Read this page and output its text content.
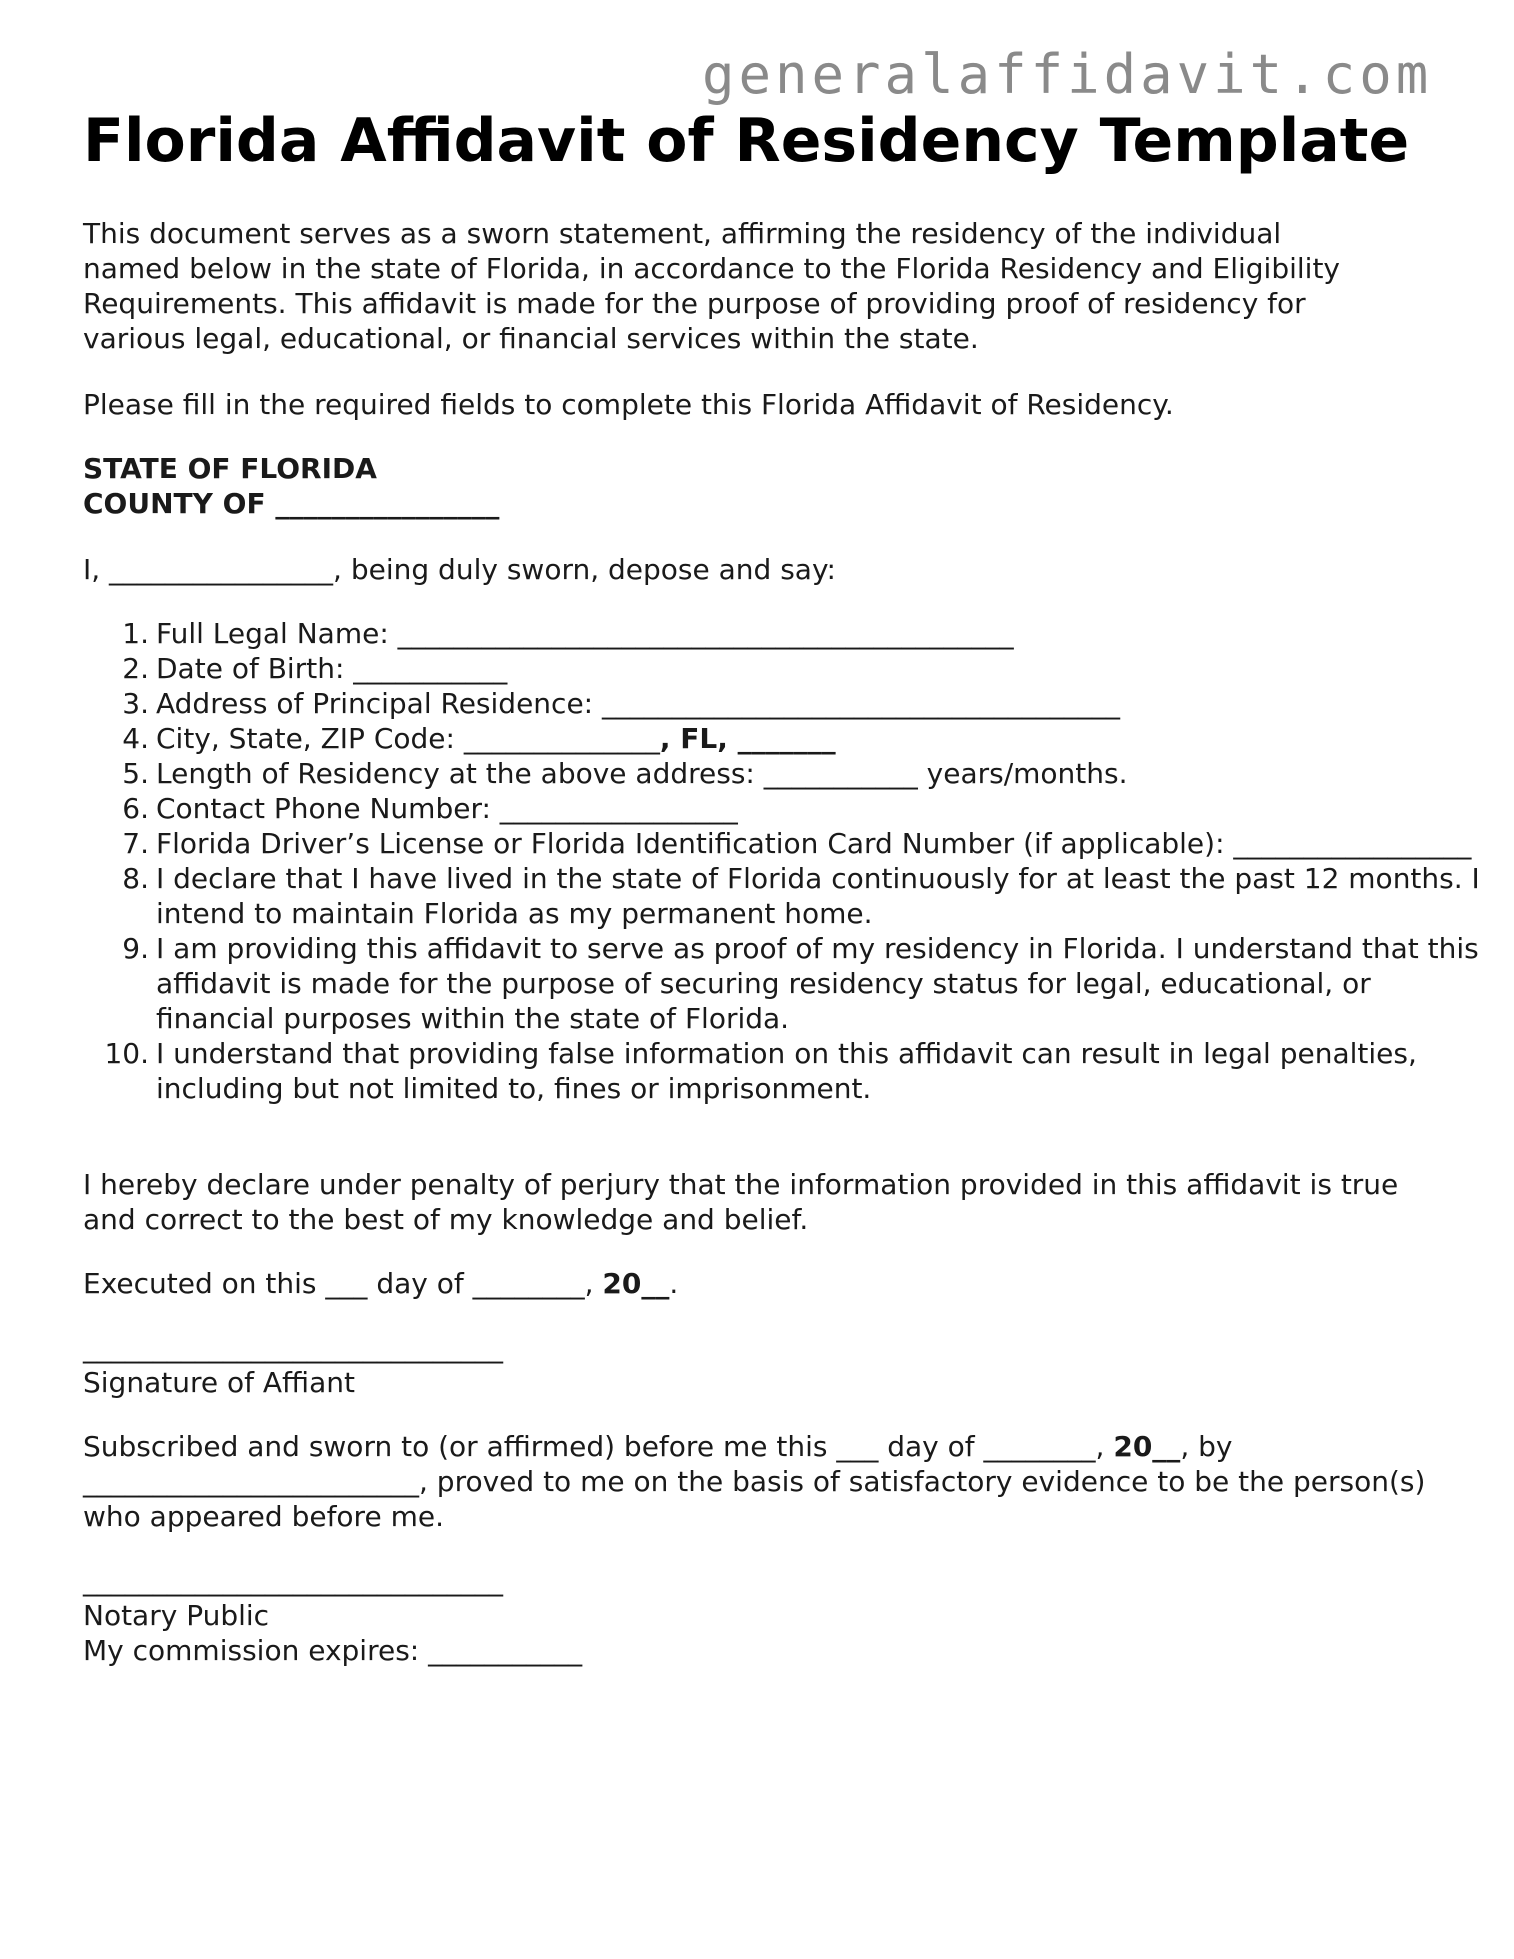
generalaffidavit.com
Florida Affidavit of Residency Template

This document serves as a sworn statement, affirming the residency of the individual named below in the state of Florida, in accordance to the Florida Residency and Eligibility Requirements. This affidavit is made for the purpose of providing proof of residency for various legal, educational, or financial services within the state.

Please fill in the required fields to complete this Florida Affidavit of Residency.

STATE OF FLORIDA
COUNTY OF ________________

I, ________________, being duly sworn, depose and say:

Full Legal Name: ____________________________________________
Date of Birth: ___________
Address of Principal Residence: _____________________________________
City, State, ZIP Code: ______________, FL, _______
Length of Residency at the above address: ___________ years/months.
Contact Phone Number: _________________
Florida Driver’s License or Florida Identification Card Number (if applicable): _________________
I declare that I have lived in the state of Florida continuously for at least the past 12 months. I intend to maintain Florida as my permanent home.
I am providing this affidavit to serve as proof of my residency in Florida. I understand that this affidavit is made for the purpose of securing residency status for legal, educational, or financial purposes within the state of Florida.
I understand that providing false information on this affidavit can result in legal penalties, including but not limited to, fines or imprisonment.

I hereby declare under penalty of perjury that the information provided in this affidavit is true and correct to the best of my knowledge and belief.

Executed on this ___ day of ________, 20__.

______________________________
Signature of Affiant

Subscribed and sworn to (or affirmed) before me this ___ day of ________, 20__, by ________________________, proved to me on the basis of satisfactory evidence to be the person(s) who appeared before me.

______________________________
Notary Public
My commission expires: ___________
